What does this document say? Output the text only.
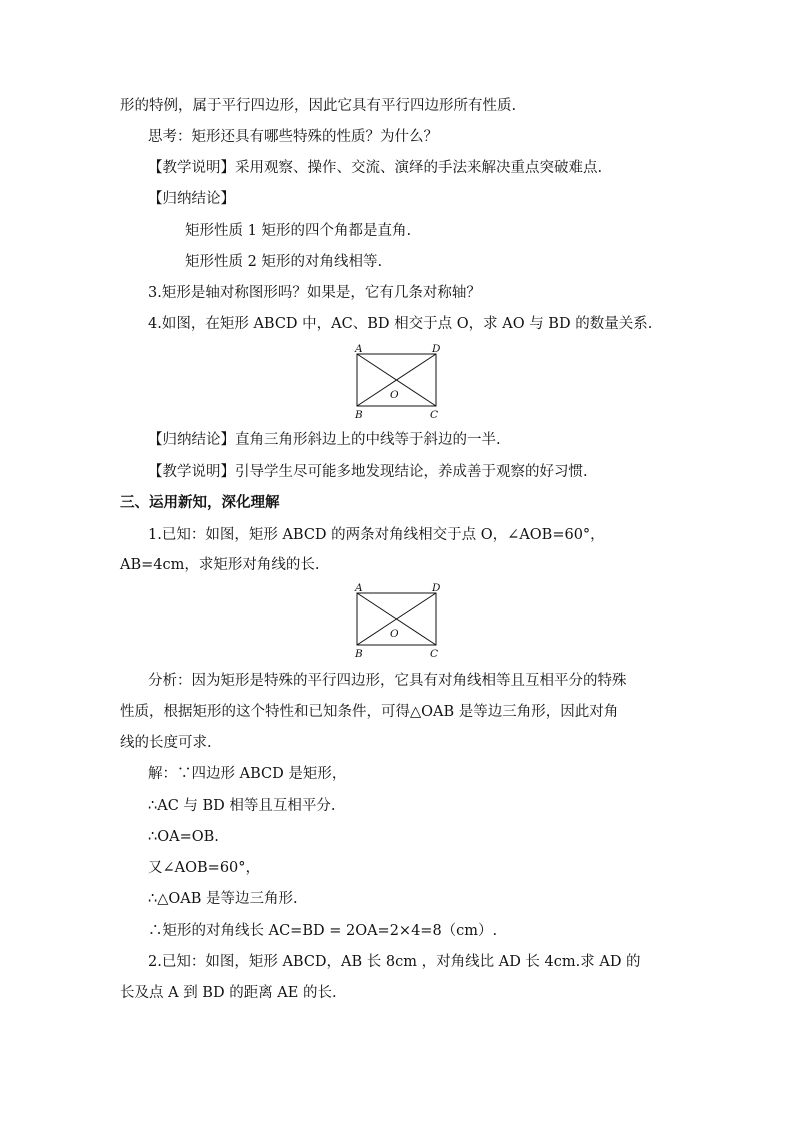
形的特例，属于平行四边形，因此它具有平行四边形所有性质.
思考：矩形还具有哪些特殊的性质？为什么？
【教学说明】采用观察、操作、交流、演绎的手法来解决重点突破难点.
【归纳结论】
矩形性质 1 矩形的四个角都是直角.
矩形性质 2 矩形的对角线相等.
3.矩形是轴对称图形吗？如果是，它有几条对称轴？
4.如图，在矩形 ABCD 中，AC、BD 相交于点 O，求 AO 与 BD 的数量关系.
A	D
B	C
O
【归纳结论】直角三角形斜边上的中线等于斜边的一半.
【教学说明】引导学生尽可能多地发现结论，养成善于观察的好习惯.
三、运用新知，深化理解
1.已知：如图，矩形 ABCD 的两条对角线相交于点 O，∠AOB=60°，
AB=4cm，求矩形对角线的长.
A	D
B	C
O
分析：因为矩形是特殊的平行四边形，它具有对角线相等且互相平分的特殊
性质，根据矩形的这个特性和已知条件，可得△OAB 是等边三角形，因此对角
线的长度可求.
解：∵四边形 ABCD 是矩形，
∴AC 与 BD 相等且互相平分.
∴OA=OB.
又∠AOB=60°，
∴△OAB 是等边三角形.
∴矩形的对角线长 AC=BD = 2OA=2×4=8（cm）.
2.已知：如图，矩形 ABCD，AB 长 8cm ，对角线比 AD 长 4cm.求 AD 的
长及点 A 到 BD 的距离 AE 的长.
